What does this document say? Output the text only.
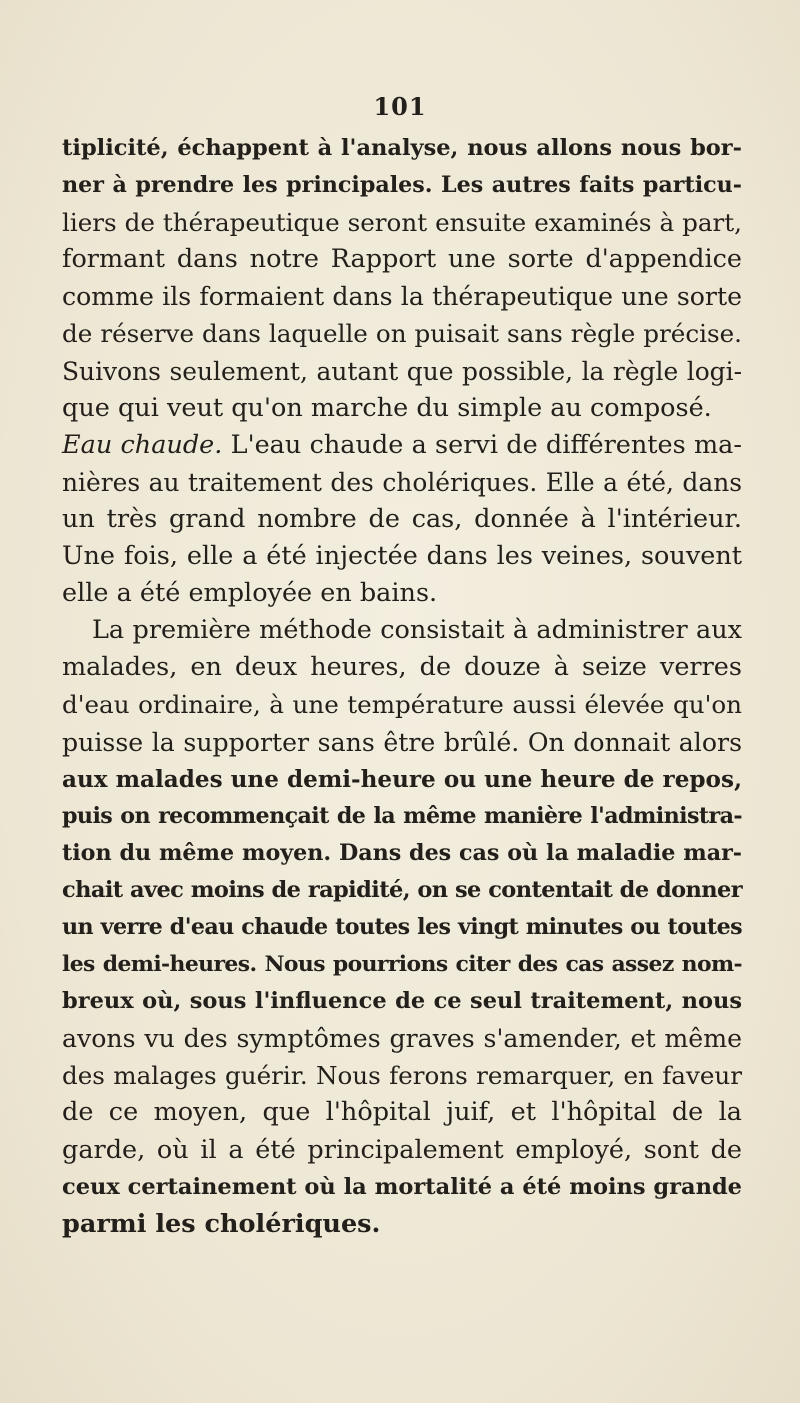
101
tiplicité, échappent à l'analyse, nous allons nous bor-
ner à prendre les principales. Les autres faits particu-
liers de thérapeutique seront ensuite examinés à part,
formant dans notre Rapport une sorte d'appendice
comme ils formaient dans la thérapeutique une sorte
de réserve dans laquelle on puisait sans règle précise.
Suivons seulement, autant que possible, la règle logi-
que qui veut qu'on marche du simple au composé.
Eau chaude. L'eau chaude a servi de différentes ma-
nières au traitement des cholériques. Elle a été, dans
un très grand nombre de cas, donnée à l'intérieur.
Une fois, elle a été injectée dans les veines, souvent
elle a été employée en bains.
La première méthode consistait à administrer aux
malades, en deux heures, de douze à seize verres
d'eau ordinaire, à une température aussi élevée qu'on
puisse la supporter sans être brûlé. On donnait alors
aux malades une demi-heure ou une heure de repos,
puis on recommençait de la même manière l'administra-
tion du même moyen. Dans des cas où la maladie mar-
chait avec moins de rapidité, on se contentait de donner
un verre d'eau chaude toutes les vingt minutes ou toutes
les demi-heures. Nous pourrions citer des cas assez nom-
breux où, sous l'influence de ce seul traitement, nous
avons vu des symptômes graves s'amender, et même
des malages guérir. Nous ferons remarquer, en faveur
de ce moyen, que l'hôpital juif, et l'hôpital de la
garde, où il a été principalement employé, sont de
ceux certainement où la mortalité a été moins grande
parmi les cholériques.
